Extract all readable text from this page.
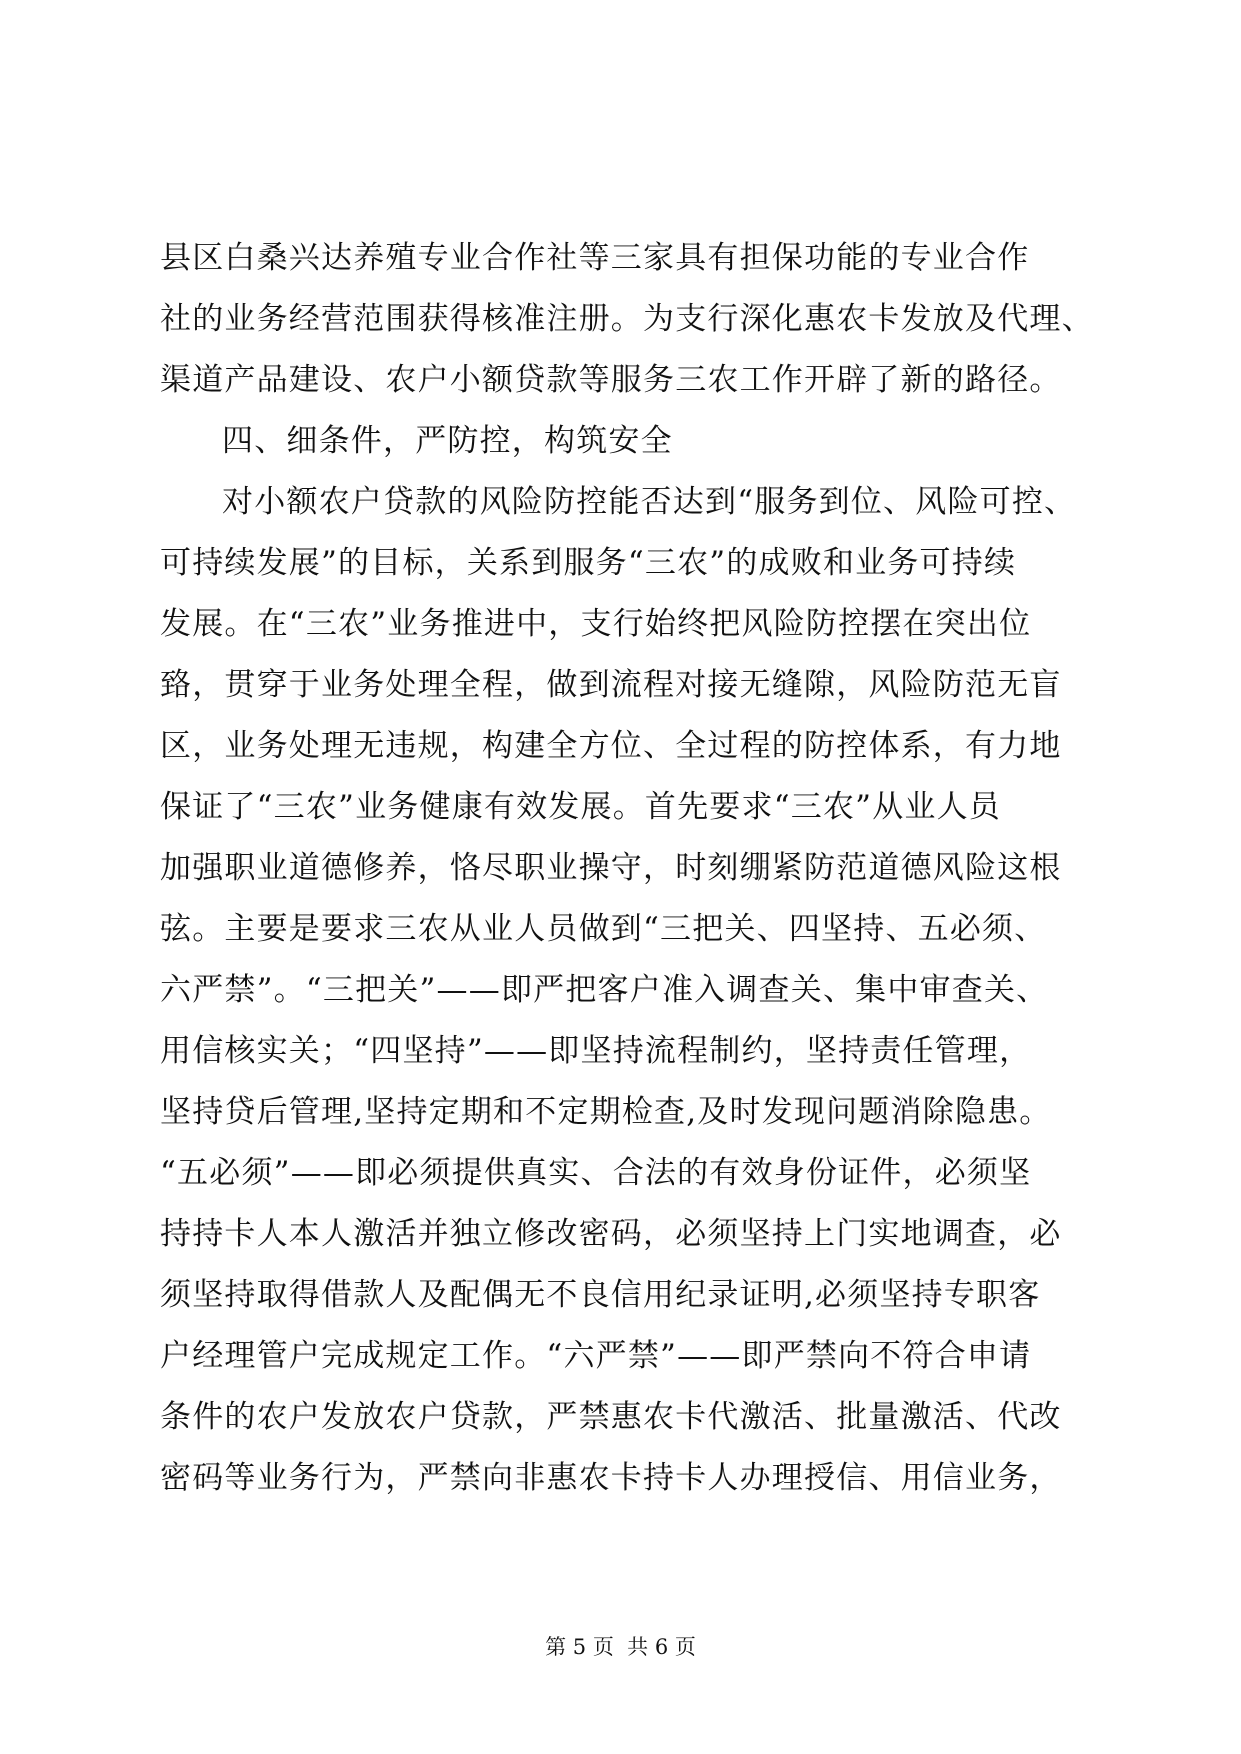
县区白桑兴达养殖专业合作社等三家具有担保功能的专业合作
社的业务经营范围获得核准注册。为支行深化惠农卡发放及代理、
渠道产品建设、农户小额贷款等服务三农工作开辟了新的路径。
四、细条件，严防控，构筑安全
对小额农户贷款的风险防控能否达到“服务到位、风险可控、
可持续发展”的目标，关系到服务“三农”的成败和业务可持续
发展。在“三农”业务推进中，支行始终把风险防控摆在突出位
臵，贯穿于业务处理全程，做到流程对接无缝隙，风险防范无盲
区，业务处理无违规，构建全方位、全过程的防控体系，有力地
保证了“三农”业务健康有效发展。首先要求“三农”从业人员
加强职业道德修养，恪尽职业操守，时刻绷紧防范道德风险这根
弦。主要是要求三农从业人员做到“三把关、四坚持、五必须、
六严禁”。“三把关”——即严把客户准入调查关、集中审查关、
用信核实关；“四坚持”——即坚持流程制约，坚持责任管理，
坚持贷后管理,坚持定期和不定期检查,及时发现问题消除隐患。
“五必须”——即必须提供真实、合法的有效身份证件，必须坚
持持卡人本人激活并独立修改密码，必须坚持上门实地调查，必
须坚持取得借款人及配偶无不良信用纪录证明,必须坚持专职客
户经理管户完成规定工作。“六严禁”——即严禁向不符合申请
条件的农户发放农户贷款，严禁惠农卡代激活、批量激活、代改
密码等业务行为，严禁向非惠农卡持卡人办理授信、用信业务，
第 5 页  共 6 页
